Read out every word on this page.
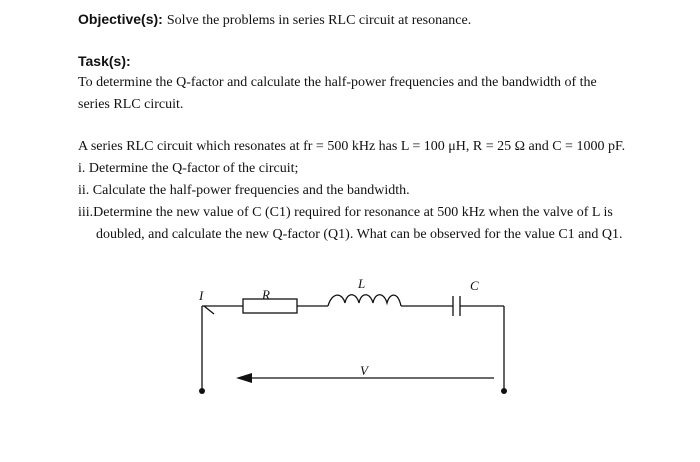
Objective(s): Solve the problems in series RLC circuit at resonance.
Task(s):
To determine the Q-factor and calculate the half-power frequencies and the bandwidth of the
series RLC circuit.
A series RLC circuit which resonates at fr = 500 kHz has L = 100 μH, R = 25 Ω and C = 1000 pF.
i. Determine the Q-factor of the circuit;
ii. Calculate the half-power frequencies and the bandwidth.
iii.Determine the new value of C (C1) required for resonance at 500 kHz when the valve of L is
doubled, and calculate the new Q-factor (Q1). What can be observed for the value C1 and Q1.
I	R
L	C
V
